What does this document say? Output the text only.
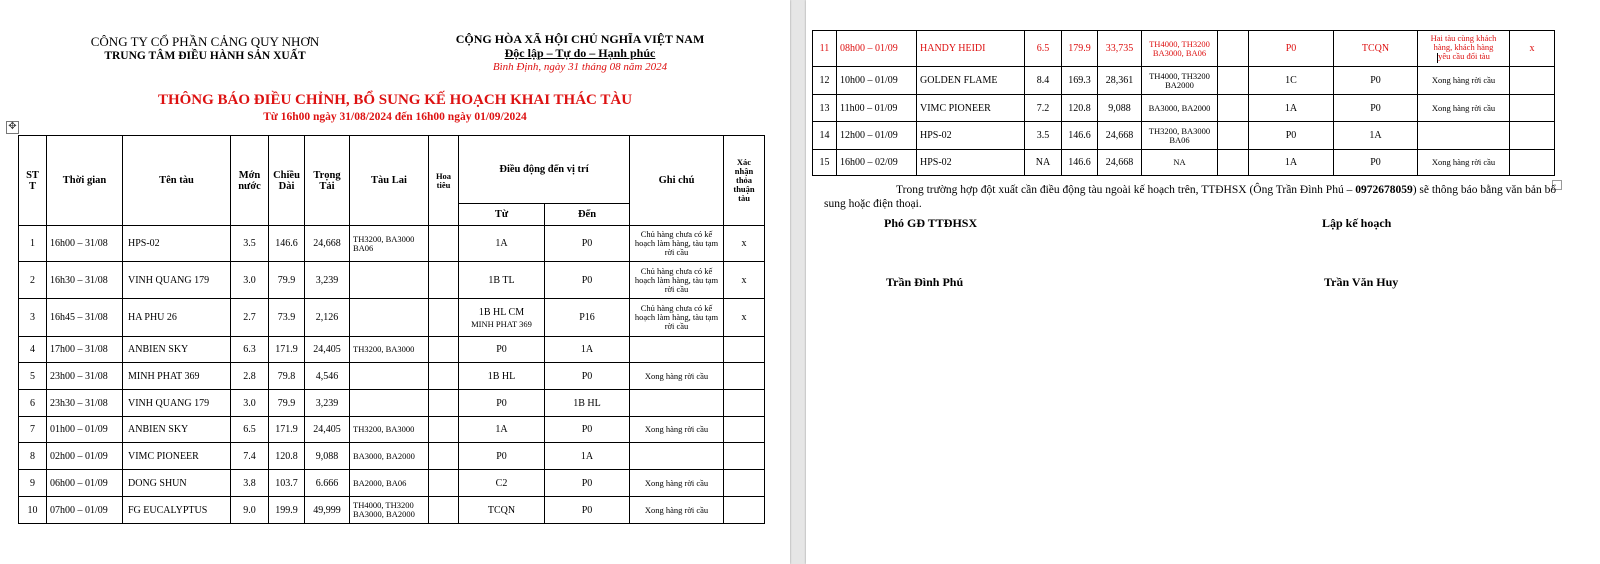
CÔNG TY CỔ PHẦN CẢNG QUY NHƠN
TRUNG TÂM ĐIỀU HÀNH SẢN XUẤT
CỘNG HÒA XÃ HỘI CHỦ NGHĨA VIỆT NAM
Độc lập – Tự do – Hạnh phúc
Bình Định, ngày 31 tháng 08 năm 2024
THÔNG BÁO ĐIỀU CHỈNH, BỔ SUNG KẾ HOẠCH KHAI THÁC TÀU
Từ 16h00 ngày 31/08/2024 đến 16h00 ngày 01/09/2024
✥
ST T	Thời gian	Tên tàu	Mớn nước	Chiều Dài	Trọng Tải	Tàu Lai	Hoa tiêu	Điều động đến vị trí		Ghi chú	Xác nhận thỏa thuận tàu
								Từ	Đến		
1	16h00 – 31/08	HPS-02	3.5	146.6	24,668	TH3200, BA3000 BA06		1A	P0	Chủ hàng chưa có kế hoạch làm hàng, tàu tạm rời cầu	x
2	16h30 – 31/08	VINH QUANG 179	3.0	79.9	3,239			1B TL	P0	Chủ hàng chưa có kế hoạch làm hàng, tàu tạm rời cầu	x
3	16h45 – 31/08	HA PHU 26	2.7	73.9	2,126			1B HL CM
MINH PHAT 369	P16	Chủ hàng chưa có kế hoạch làm hàng, tàu tạm rời cầu	x
4	17h00 – 31/08	ANBIEN SKY	6.3	171.9	24,405	TH3200, BA3000		P0	1A		
5	23h00 – 31/08	MINH PHAT 369	2.8	79.8	4,546			1B HL	P0	Xong hàng rời cầu	
6	23h30 – 31/08	VINH QUANG 179	3.0	79.9	3,239			P0	1B HL		
7	01h00 – 01/09	ANBIEN SKY	6.5	171.9	24,405	TH3200, BA3000		1A	P0	Xong hàng rời cầu	
8	02h00 – 01/09	VIMC PIONEER	7.4	120.8	9,088	BA3000, BA2000		P0	1A		
9	06h00 – 01/09	DONG SHUN	3.8	103.7	6.666	BA2000, BA06		C2	P0	Xong hàng rời cầu	
10	07h00 – 01/09	FG EUCALYPTUS	9.0	199.9	49,999	TH4000, TH3200 BA3000, BA2000		TCQN	P0	Xong hàng rời cầu	
11	08h00 – 01/09	HANDY HEIDI	6.5	179.9	33,735	TH4000, TH3200 BA3000, BA06		P0	TCQN	Hai tàu cùng khách hàng, khách hàng
yêu cầu đổi tàu	x
12	10h00 – 01/09	GOLDEN FLAME	8.4	169.3	28,361	TH4000, TH3200 BA2000		1C	P0	Xong hàng rời cầu	
13	11h00 – 01/09	VIMC PIONEER	7.2	120.8	9,088	BA3000, BA2000		1A	P0	Xong hàng rời cầu	
14	12h00 – 01/09	HPS-02	3.5	146.6	24,668	TH3200, BA3000 BA06		P0	1A		
15	16h00 – 02/09	HPS-02	NA	146.6	24,668	NA		1A	P0	Xong hàng rời cầu	
Trong trường hợp đột xuất cần điều động tàu ngoài kế hoạch trên, TTĐHSX (Ông Trần Đình Phú – 0972678059) sẽ thông báo bằng văn bản bổ sung hoặc điện thoại.
Phó GĐ TTĐHSX	Lập kế hoạch
Trần Đình Phú	Trần Văn Huy
